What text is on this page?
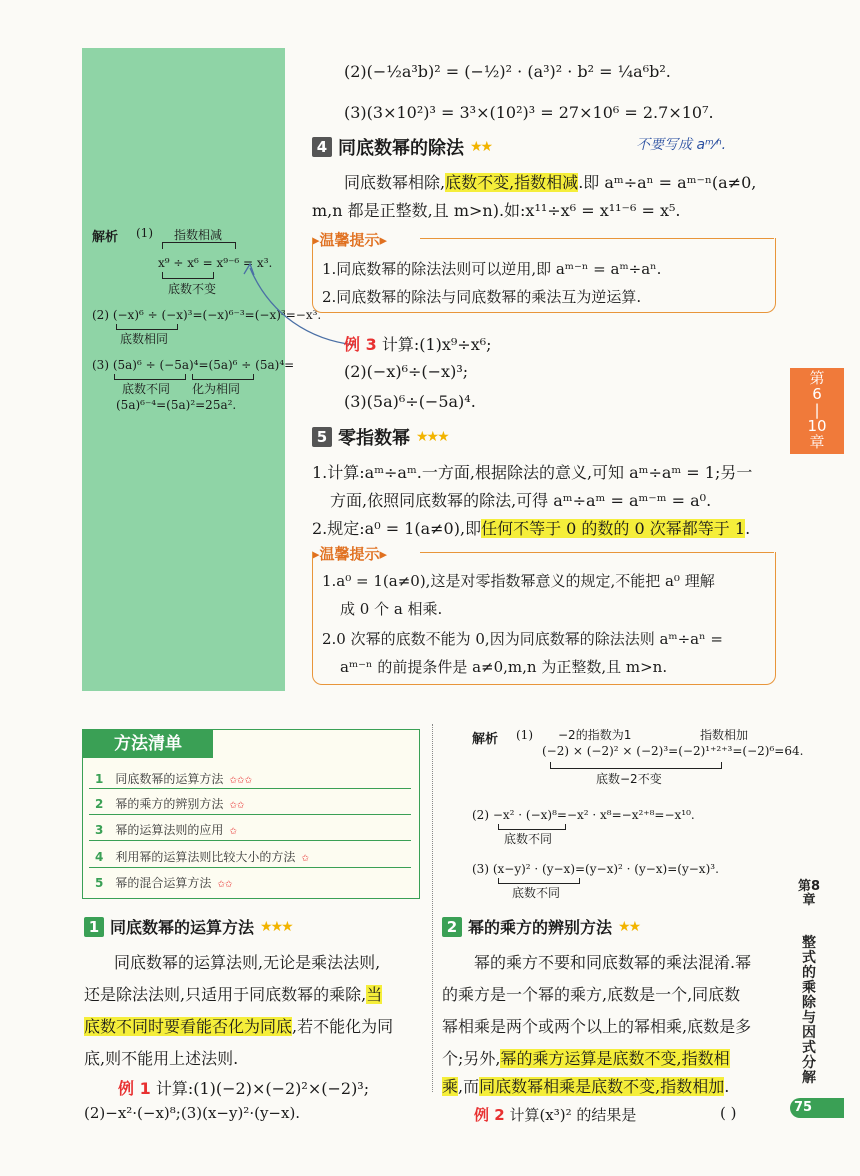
解析 (1) 指数相减
x⁹ ÷ x⁶ = x⁹⁻⁶ = x³.
底数不变
(2) (−x)⁶ ÷ (−x)³=(−x)⁶⁻³=(−x)³=−x³.
底数相同
(3) (5a)⁶ ÷ (−5a)⁴=(5a)⁶ ÷ (5a)⁴=
底数不同 化为相同
(5a)⁶⁻⁴=(5a)²=25a².
(2)(−½a³b)² = (−½)² · (a³)² · b² = ¼a⁶b².
(3)(3×10²)³ = 3³×(10²)³ = 27×10⁶ = 2.7×10⁷.
4 同底数幂的除法 ★★	不要写成 aᵐ⁄ⁿ.
同底数幂相除,底数不变,指数相减.即 aᵐ÷aⁿ = aᵐ⁻ⁿ(a≠0,
m,n 都是正整数,且 m>n).如:x¹¹÷x⁶ = x¹¹⁻⁶ = x⁵.
▸温馨提示▸
1.同底数幂的除法法则可以逆用,即 aᵐ⁻ⁿ = aᵐ÷aⁿ.
2.同底数幂的除法与同底数幂的乘法互为逆运算.
例 3 计算:(1)x⁹÷x⁶;
(2)(−x)⁶÷(−x)³;
(3)(5a)⁶÷(−5a)⁴.
5 零指数幂 ★★★
1.计算:aᵐ÷aᵐ.一方面,根据除法的意义,可知 aᵐ÷aᵐ = 1;另一
方面,依照同底数幂的除法,可得 aᵐ÷aᵐ = aᵐ⁻ᵐ = a⁰.
2.规定:a⁰ = 1(a≠0),即任何不等于 0 的数的 0 次幂都等于 1.
▸温馨提示▸
1.a⁰ = 1(a≠0),这是对零指数幂意义的规定,不能把 a⁰ 理解
成 0 个 a 相乘.
2.0 次幂的底数不能为 0,因为同底数幂的除法法则 aᵐ÷aⁿ =
aᵐ⁻ⁿ 的前提条件是 a≠0,m,n 为正整数,且 m>n.
第
6
|
10
章
方法清单
1 同底数幂的运算方法 ✩✩✩
2 幂的乘方的辨别方法 ✩✩
3 幂的运算法则的应用 ✩
4 利用幂的运算法则比较大小的方法 ✩
5 幂的混合运算方法 ✩✩
1 同底数幂的运算方法 ★★★
同底数幂的运算法则,无论是乘法法则,
还是除法法则,只适用于同底数幂的乘除,当
底数不同时要看能否化为同底,若不能化为同
底,则不能用上述法则.
例 1 计算:(1)(−2)×(−2)²×(−2)³;
(2)−x²·(−x)⁸;(3)(x−y)²·(y−x).
解析 (1) −2的指数为1	指数相加
(−2) × (−2)² × (−2)³=(−2)¹⁺²⁺³=(−2)⁶=64.
底数−2不变
(2) −x² · (−x)⁸=−x² · x⁸=−x²⁺⁸=−x¹⁰.
底数不同
(3) (x−y)² · (y−x)=(y−x)² · (y−x)=(y−x)³.
底数不同
2 幂的乘方的辨别方法 ★★
幂的乘方不要和同底数幂的乘法混淆.幂
的乘方是一个幂的乘方,底数是一个,同底数
幂相乘是两个或两个以上的幂相乘,底数是多
个;另外,幂的乘方运算是底数不变,指数相
乘,而同底数幂相乘是底数不变,指数相加.
例 2 计算(x³)² 的结果是	( )
第8章
整式的乘除与因式分解
75
